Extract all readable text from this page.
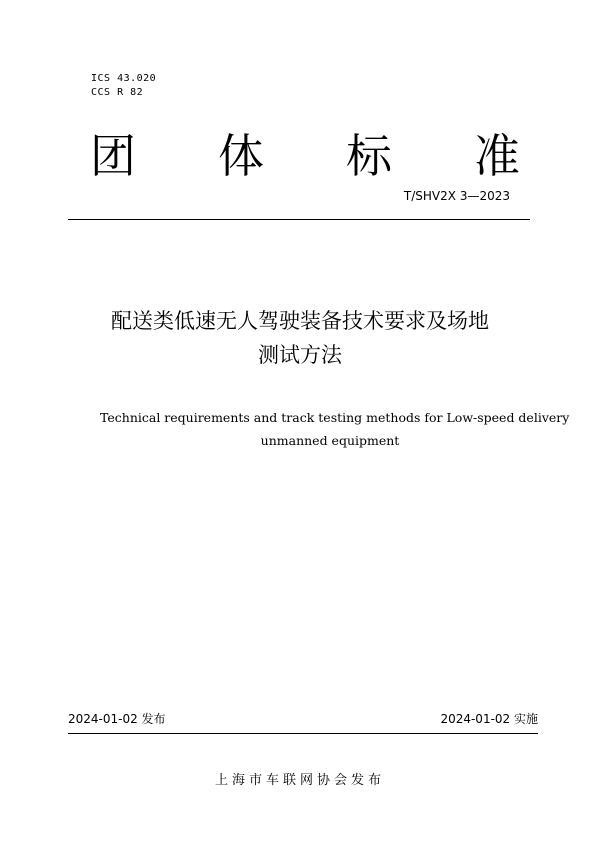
ICS 43.020
CCS R 82
团 体 标 准
T/SHV2X 3—2023
配送类低速无人驾驶装备技术要求及场地
测试方法
Technical requirements and track testing methods for Low-speed delivery
unmanned equipment
2024-01-02 发布	2024-01-02 实施
上海市车联网协会发布
